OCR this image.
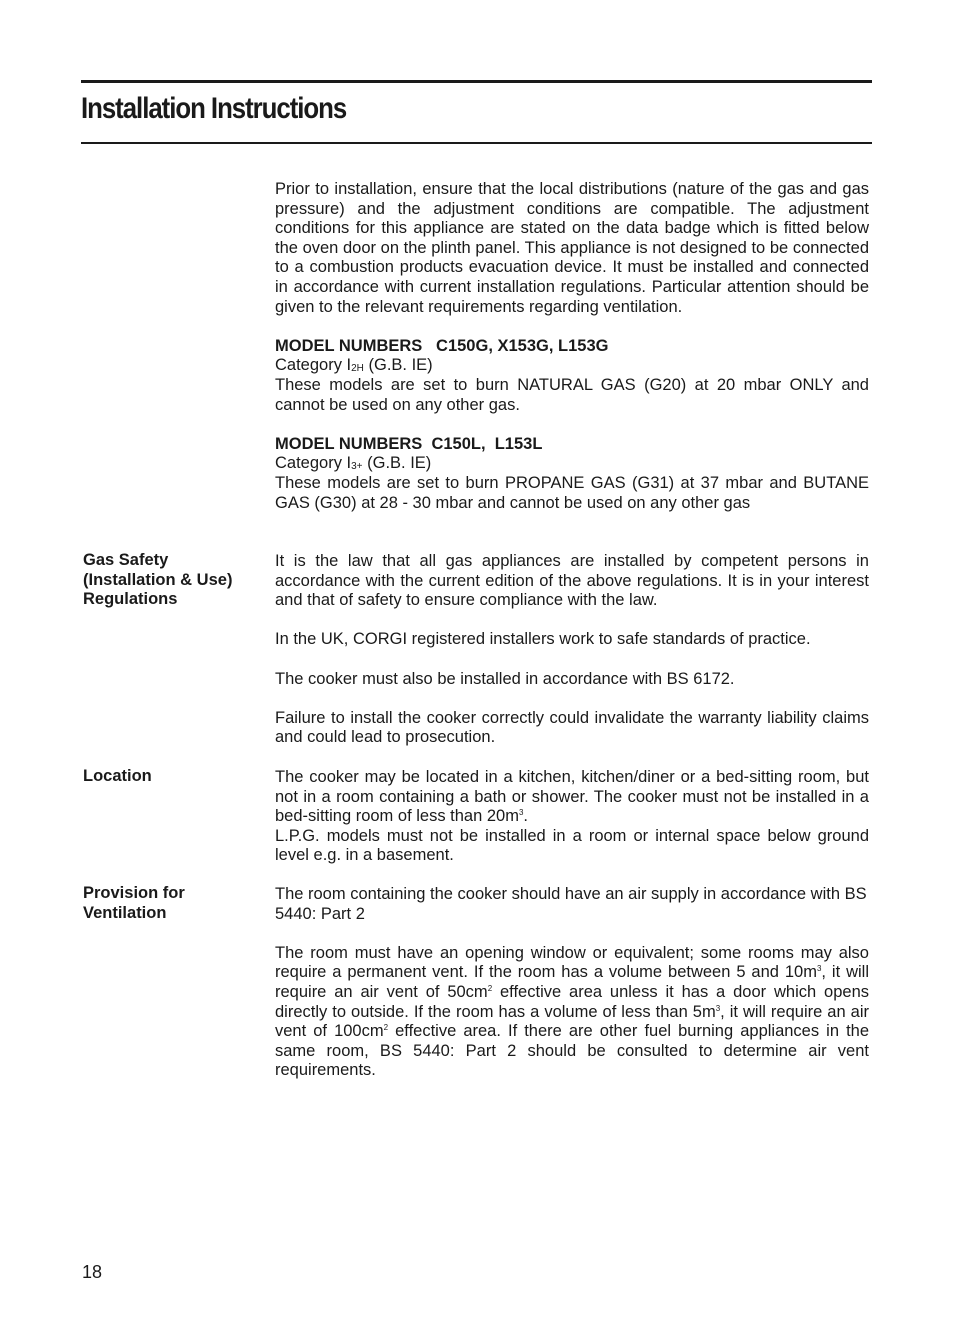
Installation Instructions

Prior to installation, ensure that the local distributions (nature of the gas and gas pressure) and the adjustment conditions are compatible. The adjustment conditions for this appliance are stated on the data badge which is fitted below the oven door on the plinth panel. This appliance is not designed to be connected to a combustion products evacuation device. It must be installed and connected in accordance with current installation regulations. Particular attention should be given to the relevant requirements regarding ventilation.

MODEL NUMBERS   C150G, X153G, L153G
Category $I_{2H}$ (G.B. IE)

These models are set to burn NATURAL GAS (G20) at 20 mbar ONLY and cannot be used on any other gas.

MODEL NUMBERS  C150L,  L153L
Category $I_{3+}$ (G.B. IE)

These models are set to burn PROPANE GAS (G31) at 37 mbar and BUTANE GAS (G30) at 28 - 30 mbar and cannot be used on any other gas

Gas Safety
(Installation & Use)
Regulations

It is the law that all gas appliances are installed by competent persons in accordance with the current edition of the above regulations. It is in your interest and that of safety to ensure compliance with the law.

In the UK, CORGI registered installers work to safe standards of practice.

The cooker must also be installed in accordance with BS 6172.

Failure to install the cooker correctly could invalidate the warranty liability claims and could lead to prosecution.

Location	The cooker may be located in a kitchen, kitchen/diner or a bed-sitting room, but not in a room containing a bath or shower. The cooker must not be installed in a bed-sitting room of less than $20m^3$.
L.P.G. models must not be installed in a room or internal space below ground level e.g. in a basement.

Provision for
Ventilation

The room containing the cooker should have an air supply in accordance with BS 5440: Part 2

The room must have an opening window or equivalent; some rooms may also require a permanent vent. If the room has a volume between 5 and $10m^3$, it will require an air vent of $50cm^2$ effective area unless it has a door which opens directly to outside. If the room has a volume of less than $5m^3$, it will require an air vent of $100cm^2$ effective area. If there are other fuel burning appliances in the same room, BS 5440: Part 2 should be consulted to determine air vent requirements.

18
